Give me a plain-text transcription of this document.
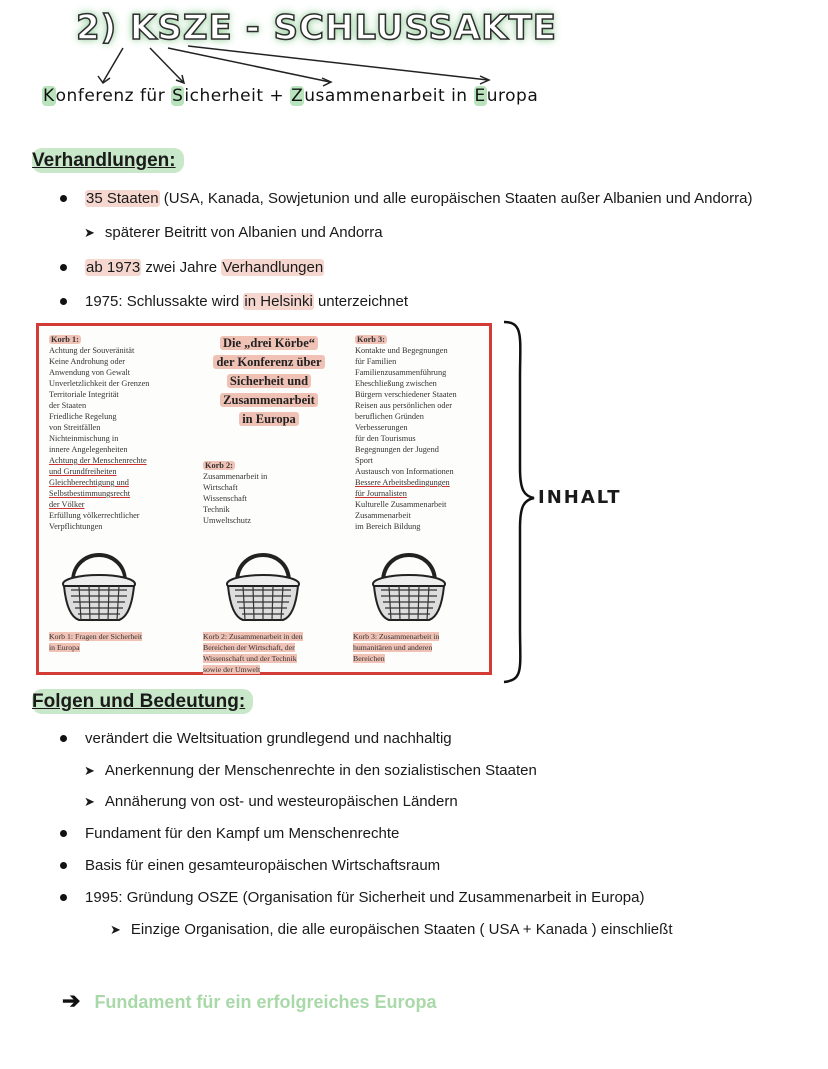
2) KSZE - SCHLUSSAKTE
Konferenz für Sicherheit + Zusammenarbeit in Europa
Verhandlungen:
35 Staaten (USA, Kanada, Sowjetunion und alle europäischen Staaten außer Albanien und Andorra)
➤ späterer Beitritt von Albanien und Andorra
ab 1973 zwei Jahre Verhandlungen
1975: Schlussakte wird in Helsinki unterzeichnet
Korb 1:
Achtung der Souveränität
Keine Androhung oder
Anwendung von Gewalt
Unverletzlichkeit der Grenzen
Territoriale Integrität
der Staaten
Friedliche Regelung
von Streitfällen
Nichteinmischung in
innere Angelegenheiten
Achtung der Menschenrechte
und Grundfreiheiten
Gleichberechtigung und
Selbstbestimmungsrecht
der Völker
Erfüllung völkerrechtlicher
Verpflichtungen
Die „drei Körbe“
der Konferenz über
Sicherheit und
Zusammenarbeit
in Europa
Korb 2:
Zusammenarbeit in
Wirtschaft
Wissenschaft
Technik
Umweltschutz
Korb 3:
Kontakte und Begegnungen
für Familien
Familienzusammenführung
Eheschließung zwischen
Bürgern verschiedener Staaten
Reisen aus persönlichen oder
beruflichen Gründen
Verbesserungen
für den Tourismus
Begegnungen der Jugend
Sport
Austausch von Informationen
Bessere Arbeitsbedingungen
für Journalisten
Kulturelle Zusammenarbeit
Zusammenarbeit
im Bereich Bildung
Korb 1: Fragen der Sicherheit
in Europa
Korb 2: Zusammenarbeit in den
Bereichen der Wirtschaft, der
Wissenschaft und der Technik
sowie der Umwelt
Korb 3: Zusammenarbeit in
humanitären und anderen
Bereichen
INHALT
Folgen und Bedeutung:
verändert die Weltsituation grundlegend und nachhaltig
➤ Anerkennung der Menschenrechte in den sozialistischen Staaten
➤ Annäherung von ost- und westeuropäischen Ländern
Fundament für den Kampf um Menschenrechte
Basis für einen gesamteuropäischen Wirtschaftsraum
1995: Gründung OSZE (Organisation für Sicherheit und Zusammenarbeit in Europa)
➤ Einzige Organisation, die alle europäischen Staaten ( USA + Kanada ) einschließt
➔ Fundament für ein erfolgreiches Europa
